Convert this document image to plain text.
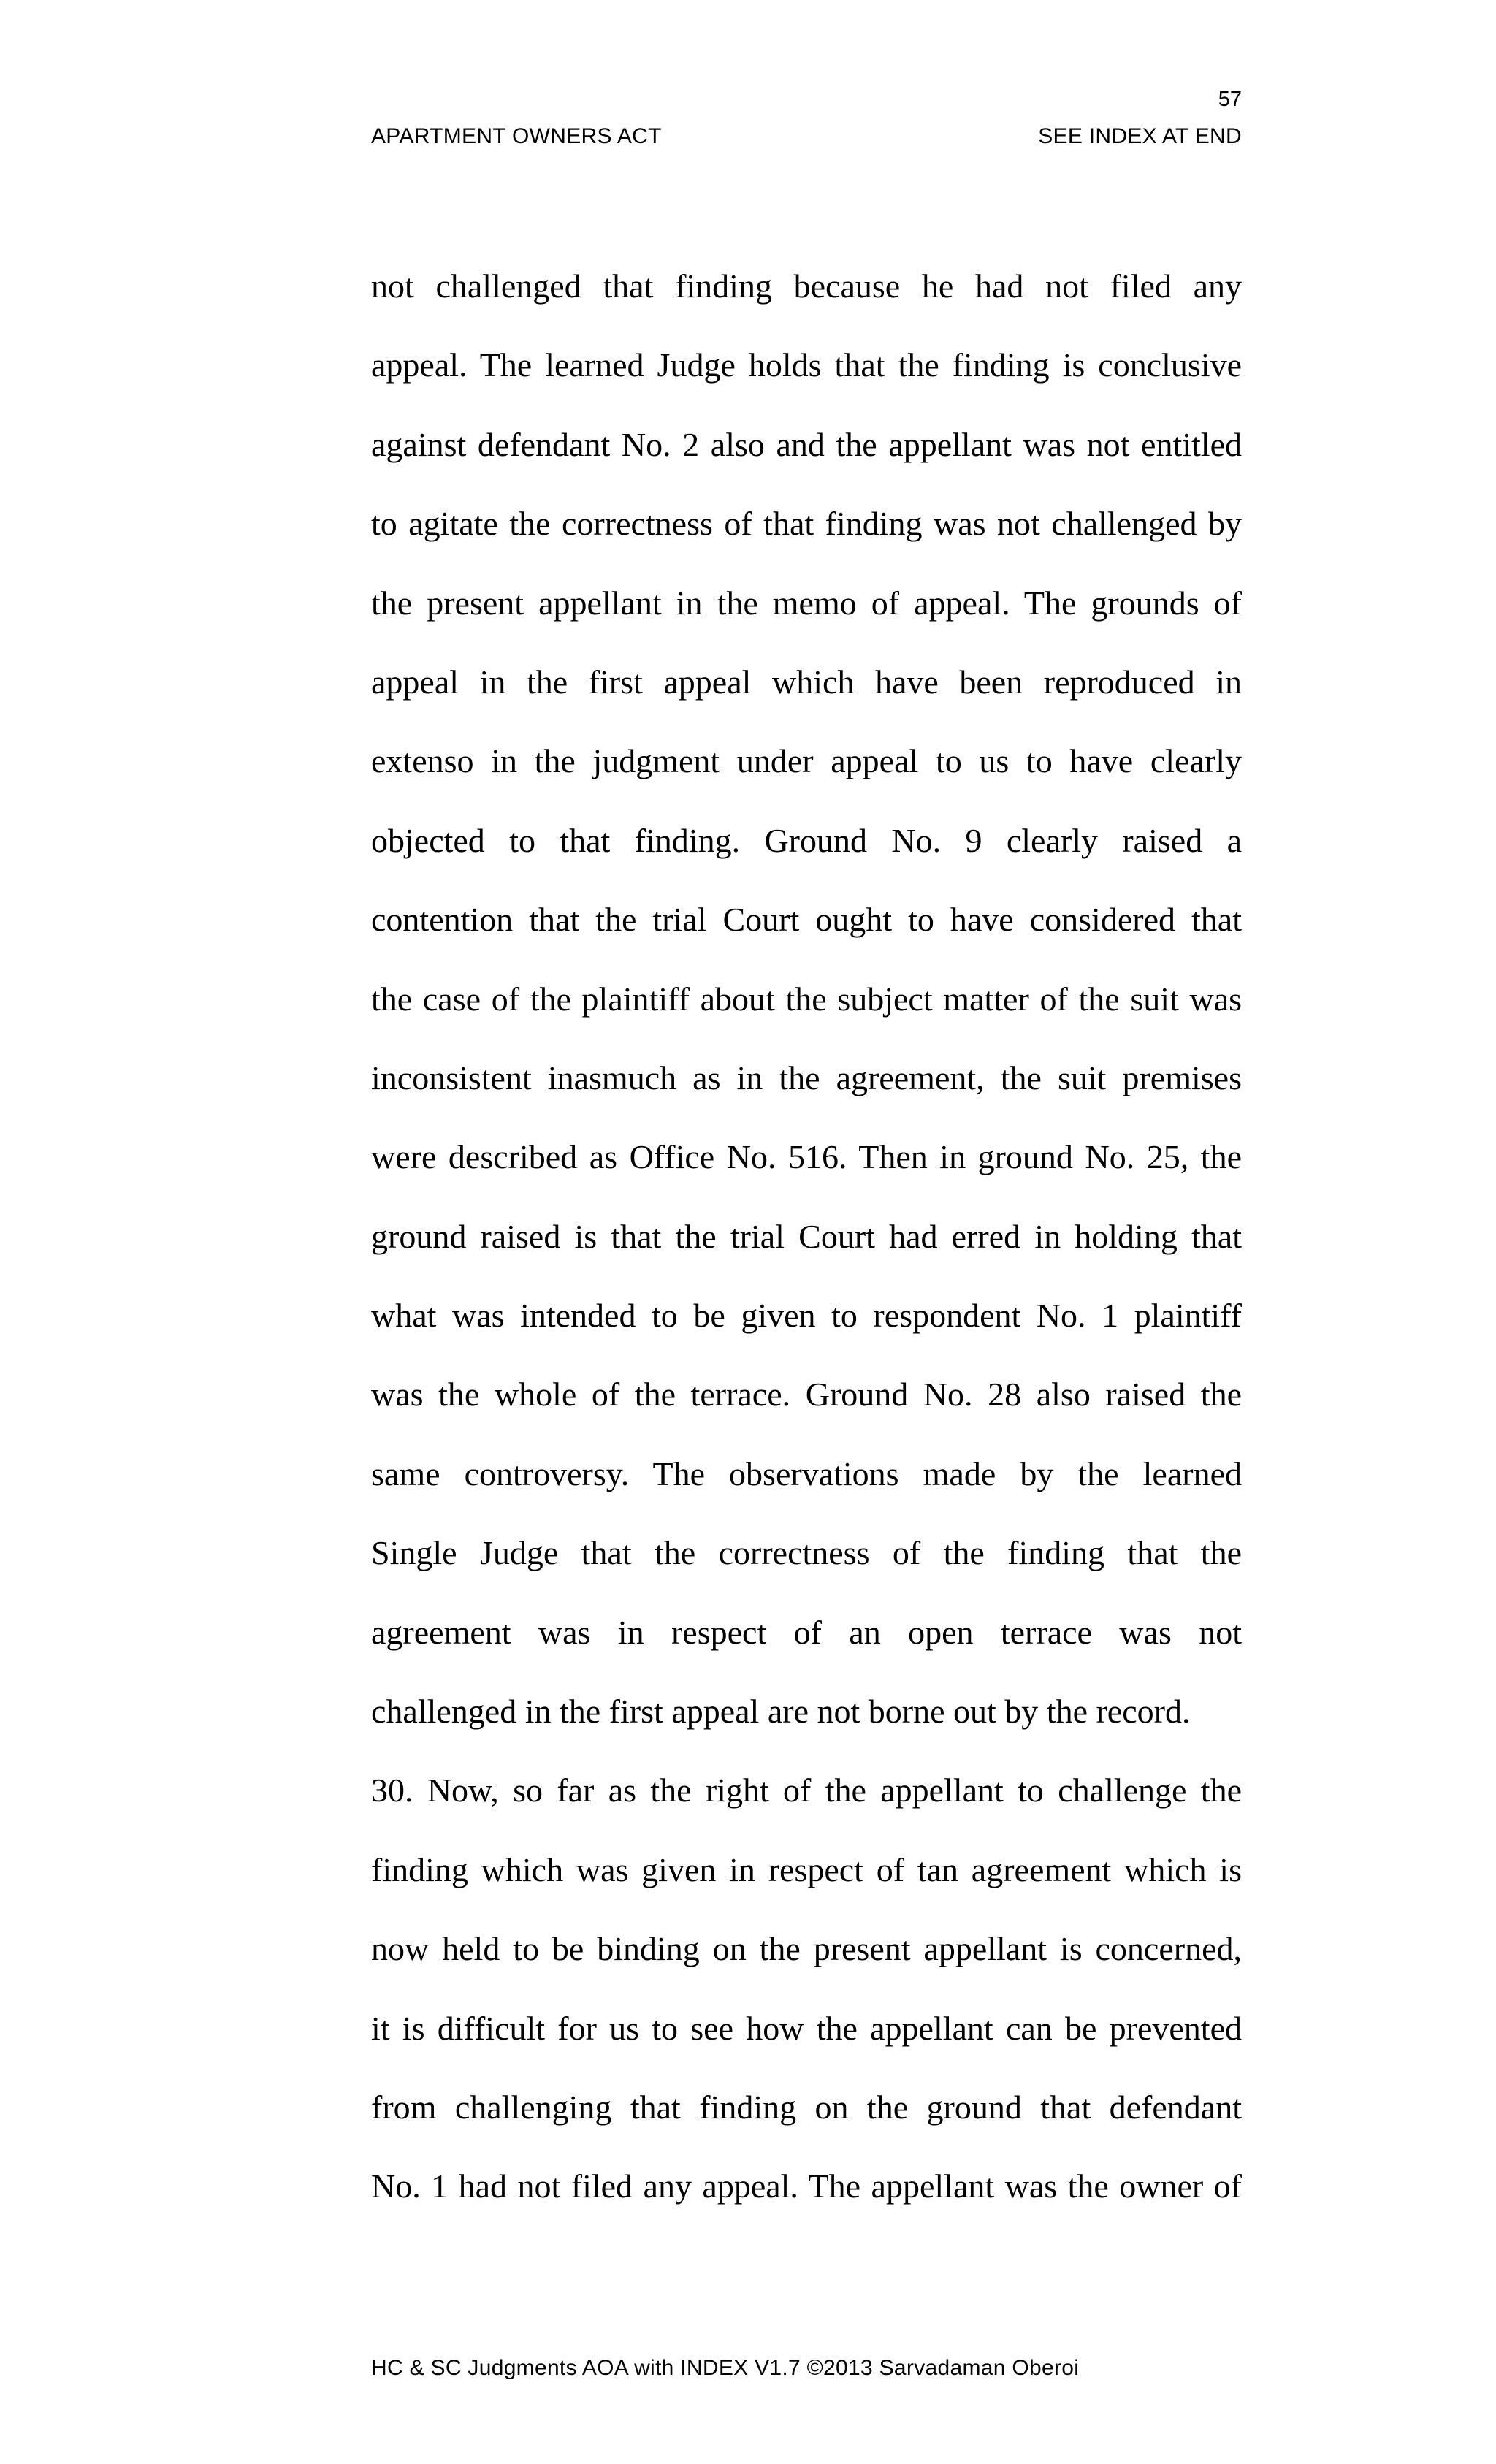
57
APARTMENT OWNERS ACT	SEE INDEX AT END
not challenged that finding because he had not filed any
appeal. The learned Judge holds that the finding is conclusive
against defendant No. 2 also and the appellant was not entitled
to agitate the correctness of that finding was not challenged by
the present appellant in the memo of appeal. The grounds of
appeal in the first appeal which have been reproduced in
extenso in the judgment under appeal to us to have clearly
objected to that finding. Ground No. 9 clearly raised a
contention that the trial Court ought to have considered that
the case of the plaintiff about the subject matter of the suit was
inconsistent inasmuch as in the agreement, the suit premises
were described as Office No. 516. Then in ground No. 25, the
ground raised is that the trial Court had erred in holding that
what was intended to be given to respondent No. 1 plaintiff
was the whole of the terrace. Ground No. 28 also raised the
same controversy. The observations made by the learned
Single Judge that the correctness of the finding that the
agreement was in respect of an open terrace was not
challenged in the first appeal are not borne out by the record.
30. Now, so far as the right of the appellant to challenge the
finding which was given in respect of tan agreement which is
now held to be binding on the present appellant is concerned,
it is difficult for us to see how the appellant can be prevented
from challenging that finding on the ground that defendant
No. 1 had not filed any appeal. The appellant was the owner of
HC & SC Judgments AOA with INDEX V1.7 ©2013 Sarvadaman Oberoi
